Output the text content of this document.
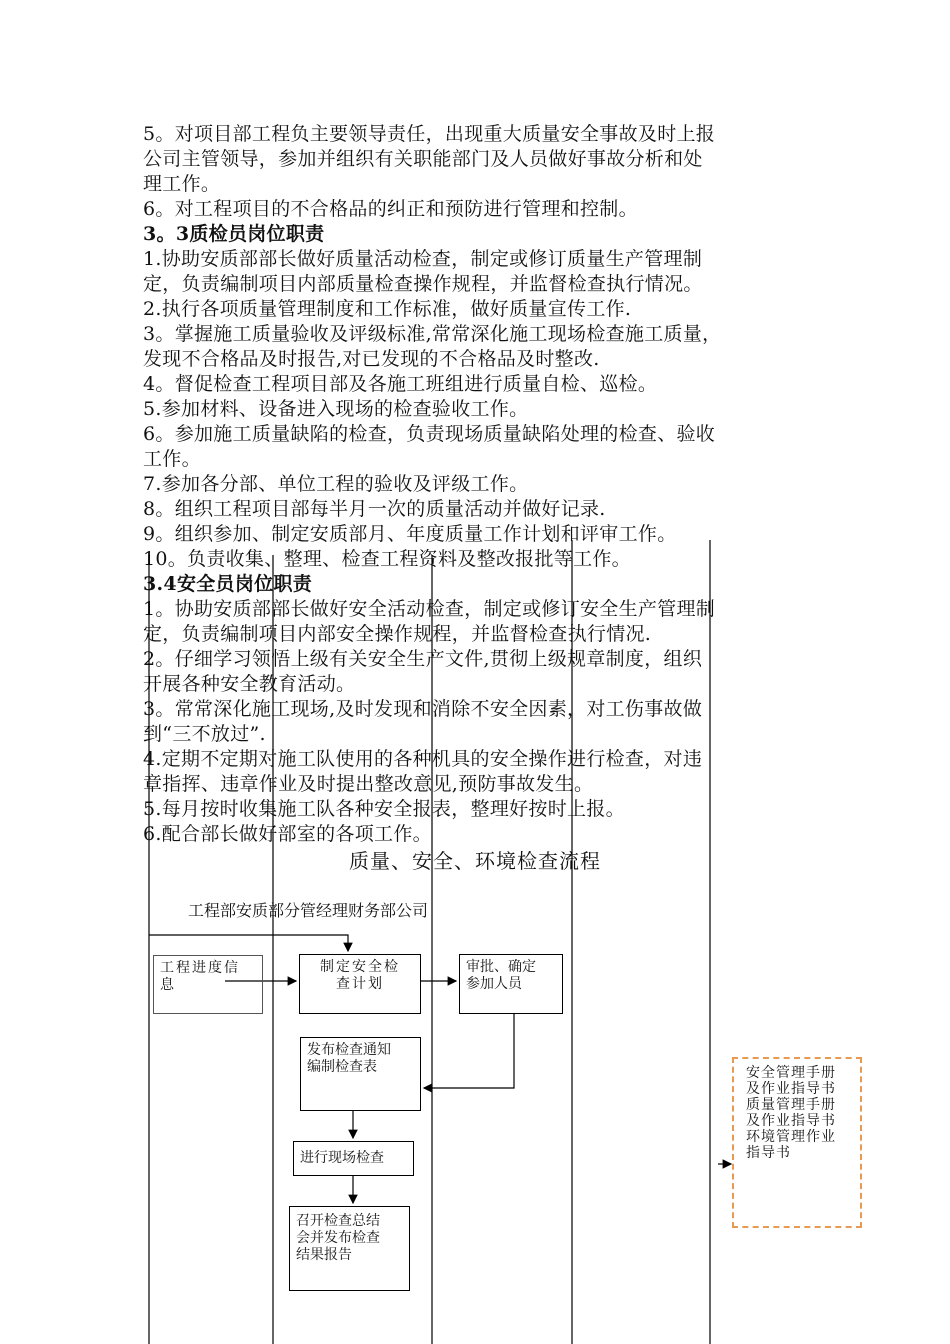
5。对项目部工程负主要领导责任，出现重大质量安全事故及时上报
公司主管领导，参加并组织有关职能部门及人员做好事故分析和处
理工作。
6。对工程项目的不合格品的纠正和预防进行管理和控制。
3。3质检员岗位职责
1.协助安质部部长做好质量活动检查，制定或修订质量生产管理制
定，负责编制项目内部质量检查操作规程，并监督检查执行情况。
2.执行各项质量管理制度和工作标准，做好质量宣传工作.
3。掌握施工质量验收及评级标准,常常深化施工现场检查施工质量，
发现不合格品及时报告,对已发现的不合格品及时整改.
4。督促检查工程项目部及各施工班组进行质量自检、巡检。
5.参加材料、设备进入现场的检查验收工作。
6。参加施工质量缺陷的检查，负责现场质量缺陷处理的检查、验收
工作。
7.参加各分部、单位工程的验收及评级工作。
8。组织工程项目部每半月一次的质量活动并做好记录.
9。组织参加、制定安质部月、年度质量工作计划和评审工作。
10。负责收集、整理、检查工程资料及整改报批等工作。
3.4安全员岗位职责
1。协助安质部部长做好安全活动检查，制定或修订安全生产管理制
定，负责编制项目内部安全操作规程，并监督检查执行情况.
2。仔细学习领悟上级有关安全生产文件,贯彻上级规章制度，组织
开展各种安全教育活动。
3。常常深化施工现场,及时发现和消除不安全因素，对工伤事故做
到“三不放过”.
4.定期不定期对施工队使用的各种机具的安全操作进行检查，对违
章指挥、违章作业及时提出整改意见,预防事故发生。
5.每月按时收集施工队各种安全报表，整理好按时上报。
6.配合部长做好部室的各项工作。
质量、安全、环境检查流程
工程部安质部分管经理财务部公司
工程进度信
息
制定安全检
查计划
审批、确定
参加人员
发布检查通知
编制检查表
进行现场检查
召开检查总结
会并发布检查
结果报告
安全管理手册
及作业指导书
质量管理手册
及作业指导书
环境管理作业
指导书
